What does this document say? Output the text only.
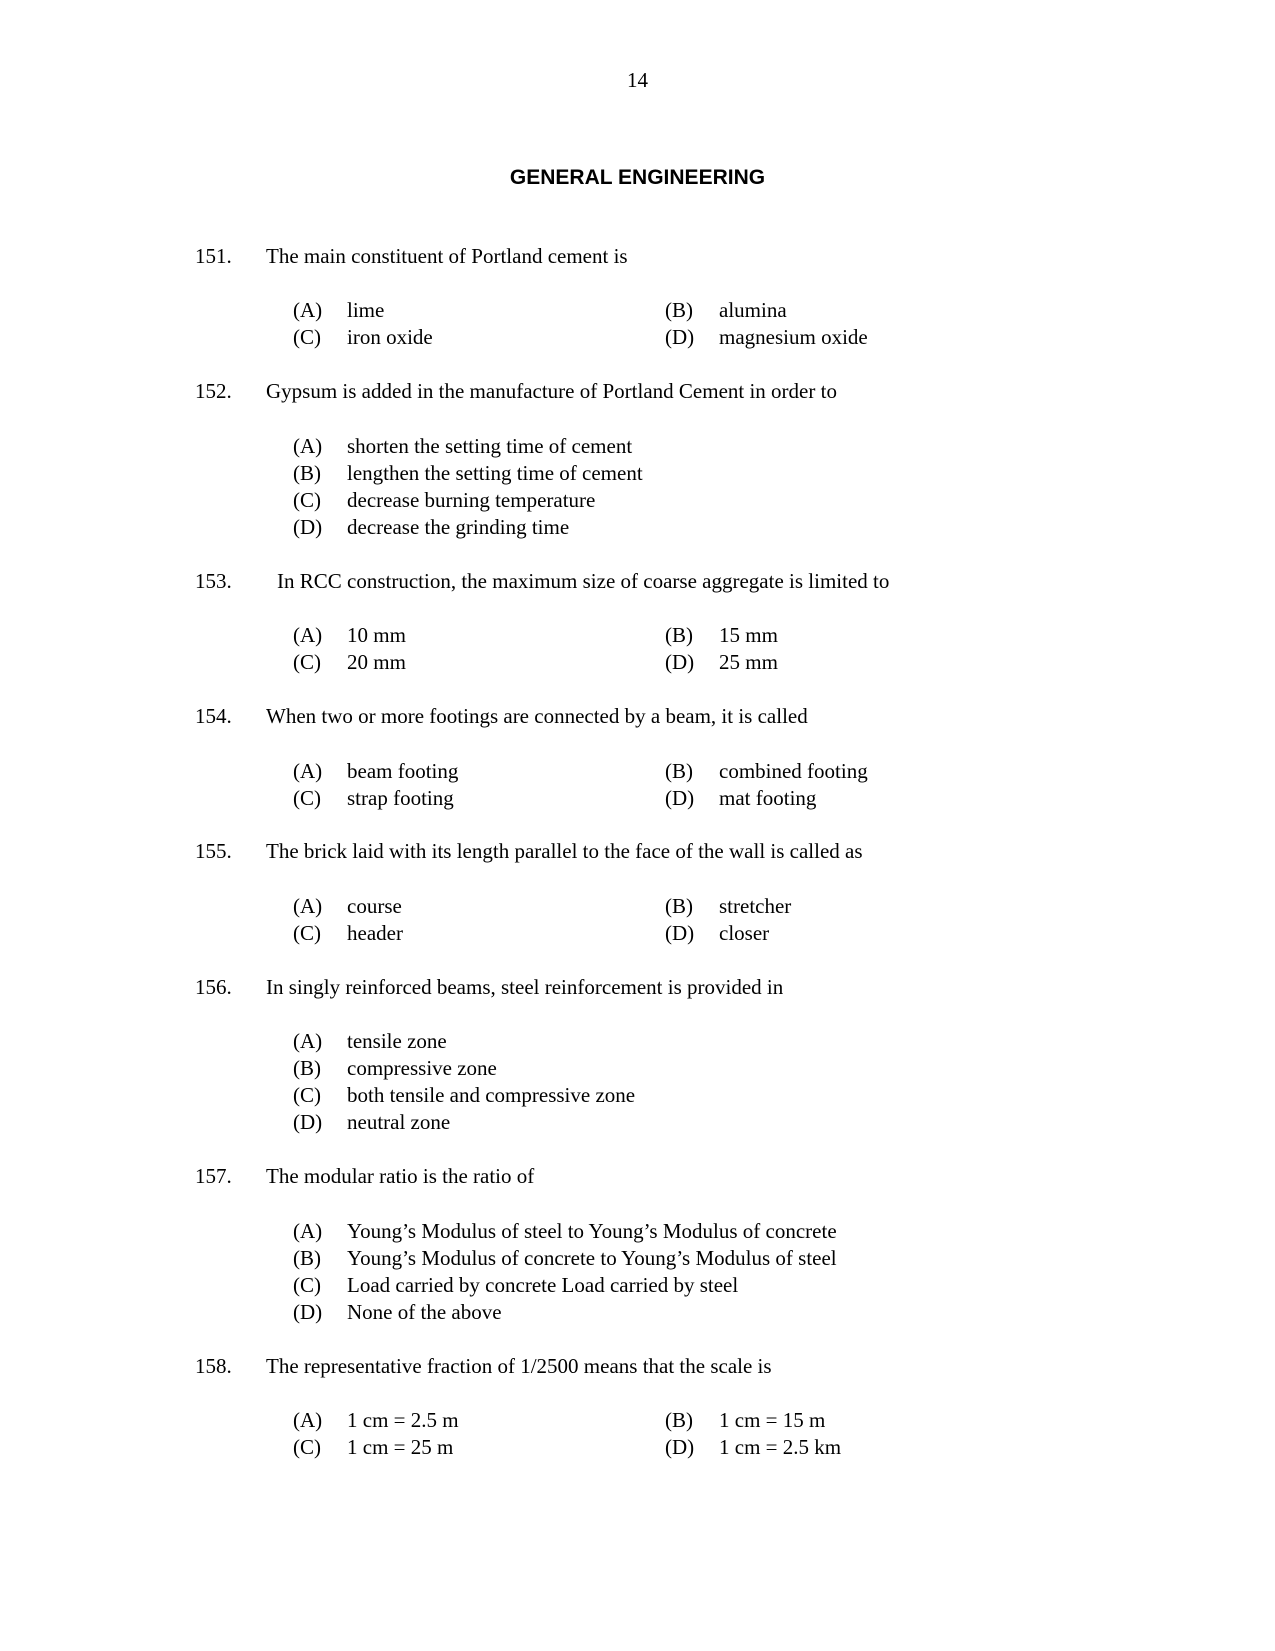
14
GENERAL ENGINEERING
151. The main constituent of Portland cement is
(A) lime	(B) alumina
(C) iron oxide	(D) magnesium oxide
152. Gypsum is added in the manufacture of Portland Cement in order to
(A) shorten the setting time of cement
(B) lengthen the setting time of cement
(C) decrease burning temperature
(D) decrease the grinding time
153. In RCC construction, the maximum size of coarse aggregate is limited to
(A) 10 mm	(B) 15 mm
(C) 20 mm	(D) 25 mm
154. When two or more footings are connected by a beam, it is called
(A) beam footing	(B) combined footing
(C) strap footing	(D) mat footing
155. The brick laid with its length parallel to the face of the wall is called as
(A) course	(B) stretcher
(C) header	(D) closer
156. In singly reinforced beams, steel reinforcement is provided in
(A) tensile zone
(B) compressive zone
(C) both tensile and compressive zone
(D) neutral zone
157. The modular ratio is the ratio of
(A) Young’s Modulus of steel to Young’s Modulus of concrete
(B) Young’s Modulus of concrete to Young’s Modulus of steel
(C) Load carried by concrete Load carried by steel
(D) None of the above
158. The representative fraction of 1/2500 means that the scale is
(A) 1 cm = 2.5 m	(B) 1 cm = 15 m
(C) 1 cm = 25 m	(D) 1 cm = 2.5 km
